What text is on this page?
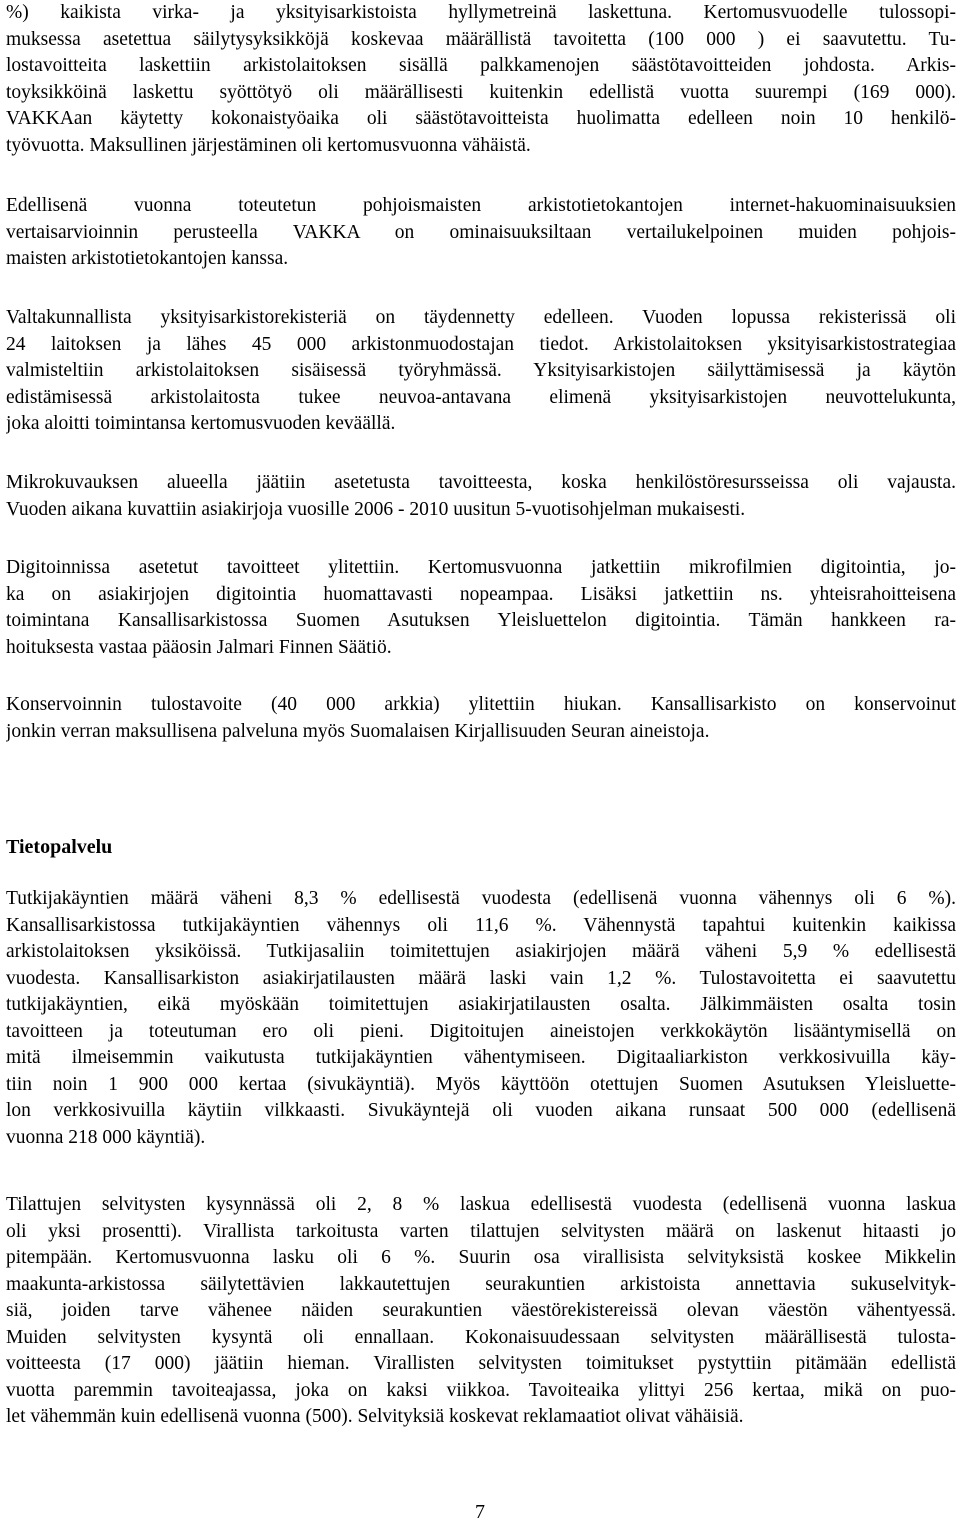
%) kaikista virka- ja yksityisarkistoista hyllymetreinä laskettuna. Kertomusvuodelle tulossopi-
muksessa asetettua säilytysyksikköjä koskevaa määrällistä tavoitetta (100 000 ) ei saavutettu. Tu-
lostavoitteita laskettiin arkistolaitoksen sisällä palkkamenojen säästötavoitteiden johdosta. Arkis-
toyksikköinä laskettu syöttötyö oli määrällisesti kuitenkin edellistä vuotta suurempi (169 000).
VAKKAan käytetty kokonaistyöaika oli säästötavoitteista huolimatta edelleen noin 10 henkilö-
työvuotta. Maksullinen järjestäminen oli kertomusvuonna vähäistä.
Edellisenä vuonna toteutetun pohjoismaisten arkistotietokantojen internet-hakuominaisuuksien
vertaisarvioinnin perusteella VAKKA on ominaisuuksiltaan vertailukelpoinen muiden pohjois-
maisten arkistotietokantojen kanssa.
Valtakunnallista yksityisarkistorekisteriä on täydennetty edelleen. Vuoden lopussa rekisterissä oli
24 laitoksen ja lähes 45 000 arkistonmuodostajan tiedot. Arkistolaitoksen yksityisarkistostrategiaa
valmisteltiin arkistolaitoksen sisäisessä työryhmässä. Yksityisarkistojen säilyttämisessä ja käytön
edistämisessä arkistolaitosta tukee neuvoa-antavana elimenä yksityisarkistojen neuvottelukunta,
joka aloitti toimintansa kertomusvuoden keväällä.
Mikrokuvauksen alueella jäätiin asetetusta tavoitteesta, koska henkilöstöresursseissa oli vajausta.
Vuoden aikana kuvattiin asiakirjoja vuosille 2006 - 2010 uusitun 5-vuotisohjelman mukaisesti.
Digitoinnissa asetetut tavoitteet ylitettiin. Kertomusvuonna jatkettiin mikrofilmien digitointia, jo-
ka on asiakirjojen digitointia huomattavasti nopeampaa. Lisäksi jatkettiin ns. yhteisrahoitteisena
toimintana Kansallisarkistossa Suomen Asutuksen Yleisluettelon digitointia. Tämän hankkeen ra-
hoituksesta vastaa pääosin Jalmari Finnen Säätiö.
Konservoinnin tulostavoite (40 000 arkkia) ylitettiin hiukan. Kansallisarkisto on konservoinut
jonkin verran maksullisena palveluna myös Suomalaisen Kirjallisuuden Seuran aineistoja.
Tietopalvelu
Tutkijakäyntien määrä väheni 8,3 % edellisestä vuodesta (edellisenä vuonna vähennys oli 6 %).
Kansallisarkistossa tutkijakäyntien vähennys oli 11,6 %. Vähennystä tapahtui kuitenkin kaikissa
arkistolaitoksen yksiköissä. Tutkijasaliin toimitettujen asiakirjojen määrä väheni 5,9 % edellisestä
vuodesta. Kansallisarkiston asiakirjatilausten määrä laski vain 1,2 %. Tulostavoitetta ei saavutettu
tutkijakäyntien, eikä myöskään toimitettujen asiakirjatilausten osalta. Jälkimmäisten osalta tosin
tavoitteen ja toteutuman ero oli pieni. Digitoitujen aineistojen verkkokäytön lisääntymisellä on
mitä ilmeisemmin vaikutusta tutkijakäyntien vähentymiseen. Digitaaliarkiston verkkosivuilla käy-
tiin noin 1 900 000 kertaa (sivukäyntiä). Myös käyttöön otettujen Suomen Asutuksen Yleisluette-
lon verkkosivuilla käytiin vilkkaasti. Sivukäyntejä oli vuoden aikana runsaat 500 000 (edellisenä
vuonna 218 000 käyntiä).
Tilattujen selvitysten kysynnässä oli 2, 8 % laskua edellisestä vuodesta (edellisenä vuonna laskua
oli yksi prosentti). Virallista tarkoitusta varten tilattujen selvitysten määrä on laskenut hitaasti jo
pitempään. Kertomusvuonna lasku oli 6 %. Suurin osa virallisista selvityksistä koskee Mikkelin
maakunta-arkistossa säilytettävien lakkautettujen seurakuntien arkistoista annettavia sukuselvityk-
siä, joiden tarve vähenee näiden seurakuntien väestörekistereissä olevan väestön vähentyessä.
Muiden selvitysten kysyntä oli ennallaan. Kokonaisuudessaan selvitysten määrällisestä tulosta-
voitteesta (17 000) jäätiin hieman. Virallisten selvitysten toimitukset pystyttiin pitämään edellistä
vuotta paremmin tavoiteajassa, joka on kaksi viikkoa. Tavoiteaika ylittyi 256 kertaa, mikä on puo-
let vähemmän kuin edellisenä vuonna (500). Selvityksiä koskevat reklamaatiot olivat vähäisiä.
7
